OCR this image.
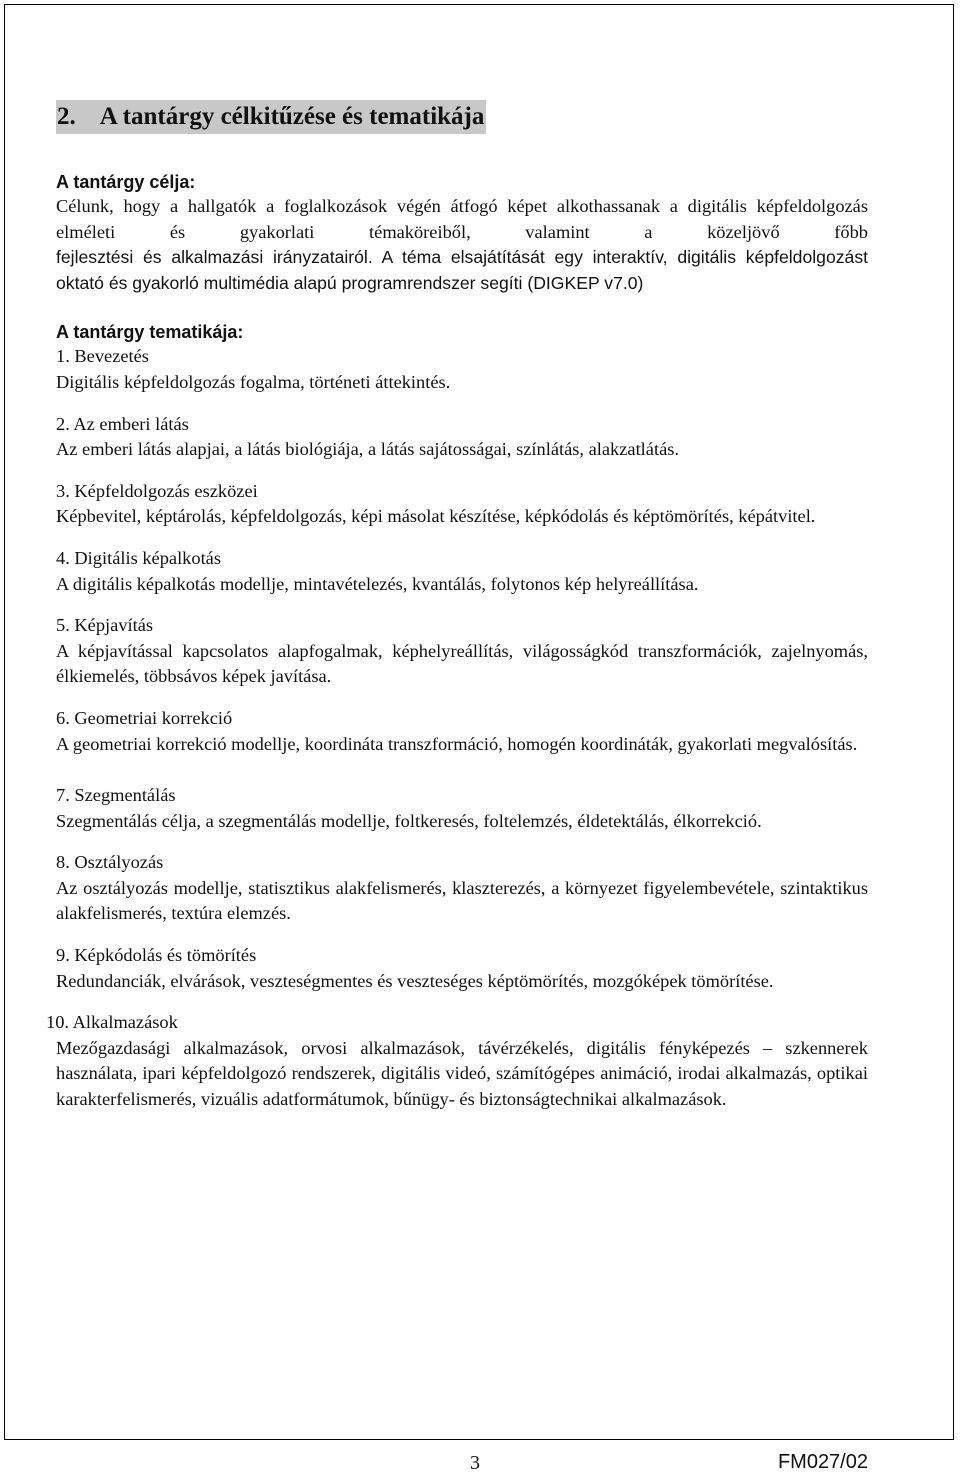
2. A tantárgy célkitűzése és tematikája

A tantárgy célja:

Célunk, hogy a hallgatók a foglalkozások végén átfogó képet alkothassanak a digitális képfeldolgozás elméleti és gyakorlati témaköreiből, valamint a közeljövő főbb

fejlesztési és alkalmazási irányzatairól. A téma elsajátítását egy interaktív, digitális képfeldolgozást oktató és gyakorló multimédia alapú programrendszer segíti (DIGKEP v7.0)

A tantárgy tematikája:

1. Bevezetés

Digitális képfeldolgozás fogalma, történeti áttekintés.

2. Az emberi látás

Az emberi látás alapjai, a látás biológiája, a látás sajátosságai, színlátás, alakzatlátás.

3. Képfeldolgozás eszközei

Képbevitel, képtárolás, képfeldolgozás, képi másolat készítése, képkódolás és képtömörítés, képátvitel.

4. Digitális képalkotás

A digitális képalkotás modellje, mintavételezés, kvantálás, folytonos kép helyreállítása.

5. Képjavítás

A képjavítással kapcsolatos alapfogalmak, képhelyreállítás, világosságkód transzformációk, zajelnyomás, élkiemelés, többsávos képek javítása.

6. Geometriai korrekció

A geometriai korrekció modellje, koordináta transzformáció, homogén koordináták, gyakorlati megvalósítás.

7. Szegmentálás

Szegmentálás célja, a szegmentálás modellje, foltkeresés, foltelemzés, éldetektálás, élkorrekció.

8. Osztályozás

Az osztályozás modellje, statisztikus alakfelismerés, klaszterezés, a környezet figyelembevétele, szintaktikus alakfelismerés, textúra elemzés.

9. Képkódolás és tömörítés

Redundanciák, elvárások, veszteségmentes és veszteséges képtömörítés, mozgóképek tömörítése.

10. Alkalmazások

Mezőgazdasági alkalmazások, orvosi alkalmazások, távérzékelés, digitális fényképezés – szkennerek használata, ipari képfeldolgozó rendszerek, digitális videó, számítógépes animáció, irodai alkalmazás, optikai karakterfelismerés, vizuális adatformátumok, bűnügy- és biztonságtechnikai alkalmazások.

3	FM027/02
